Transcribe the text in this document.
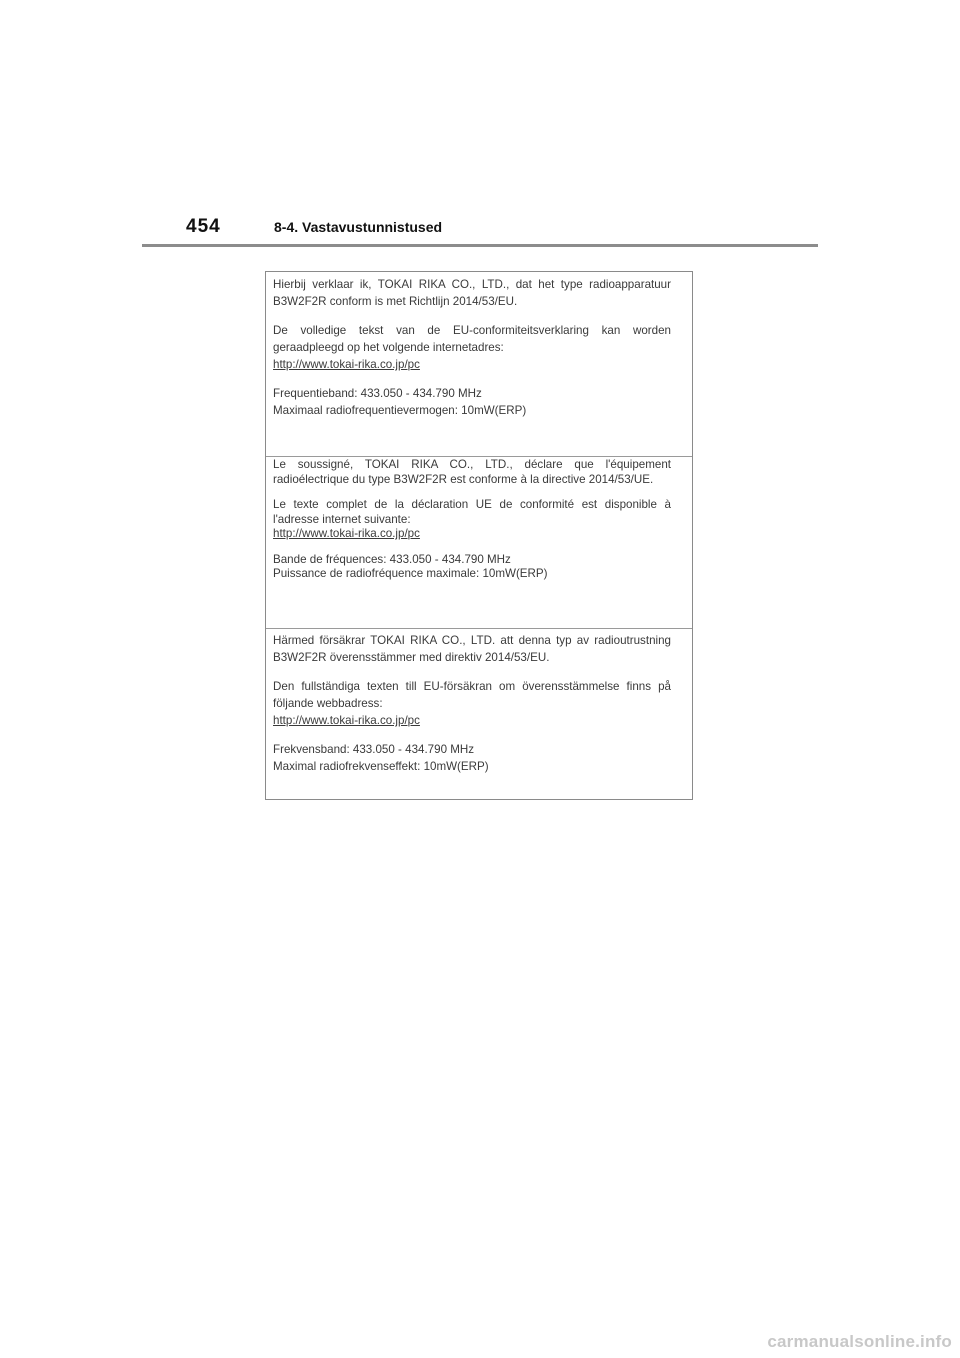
454	8-4. Vastavustunnistused

Hierbij verklaar ik, TOKAI RIKA CO., LTD., dat het type radioapparatuur B3W2F2R conform is met Richtlijn 2014/53/EU.

De volledige tekst van de EU-conformiteitsverklaring kan worden geraadpleegd op het volgende internetadres:
http://www.tokai-rika.co.jp/pc

Frequentieband: 433.050 - 434.790 MHz
Maximaal radiofrequentievermogen: 10mW(ERP)

Le soussigné, TOKAI RIKA CO., LTD., déclare que l'équipement radioélectrique du type B3W2F2R est conforme à la directive 2014/53/UE.

Le texte complet de la déclaration UE de conformité est disponible à l'adresse internet suivante:
http://www.tokai-rika.co.jp/pc

Bande de fréquences: 433.050 - 434.790 MHz
Puissance de radiofréquence maximale: 10mW(ERP)

Härmed försäkrar TOKAI RIKA CO., LTD. att denna typ av radioutrustning B3W2F2R överensstämmer med direktiv 2014/53/EU.

Den fullständiga texten till EU-försäkran om överensstämmelse finns på följande webbadress:
http://www.tokai-rika.co.jp/pc

Frekvensband: 433.050 - 434.790 MHz
Maximal radiofrekvenseffekt: 10mW(ERP)

carmanualsonline.info
